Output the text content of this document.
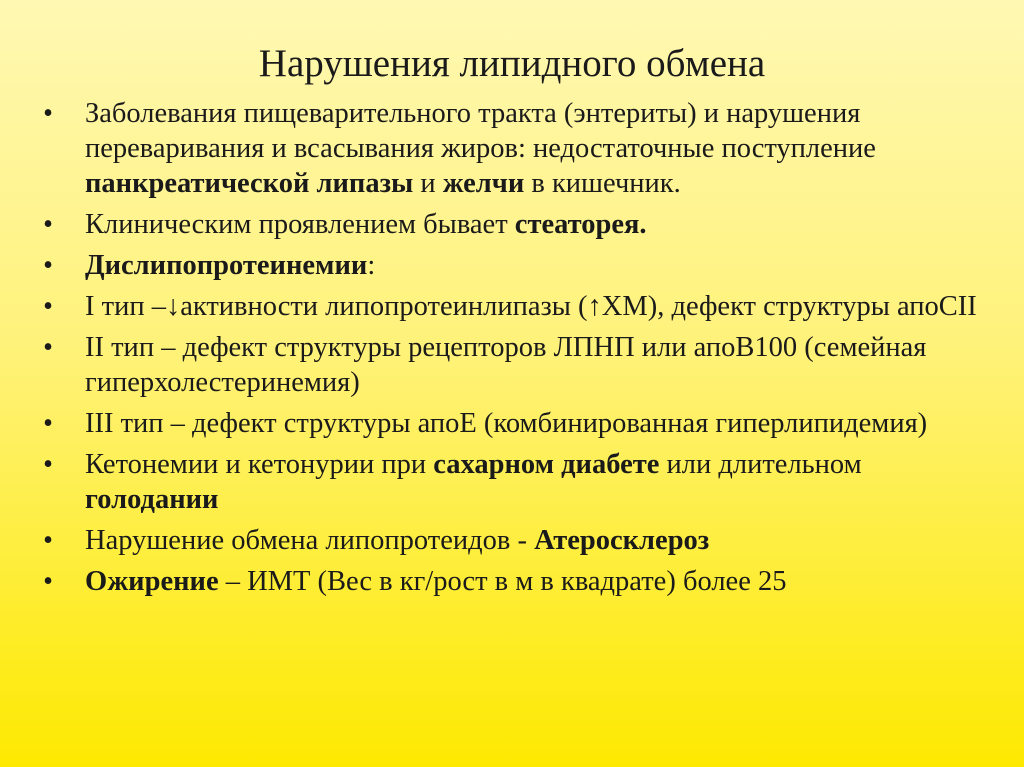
Нарушения липидного обмена
• Заболевания пищеварительного тракта (энтериты) и нарушения переваривания и всасывания жиров: недостаточные поступление панкреатической липазы и желчи в кишечник.
• Клиническим проявлением бывает стеаторея.
• Дислипопротеинемии:
• I тип –↓активности липопротеинлипазы (↑ХМ), дефект структуры апоСII
• II тип – дефект структуры рецепторов ЛПНП или апоВ100 (семейная гиперхолестеринемия)
• III тип – дефект структуры апоЕ (комбинированная гиперлипидемия)
• Кетонемии и кетонурии при сахарном диабете или длительном голодании
• Нарушение обмена липопротеидов - Атеросклероз
• Ожирение – ИМТ (Вес в кг/рост в м в квадрате) более 25
